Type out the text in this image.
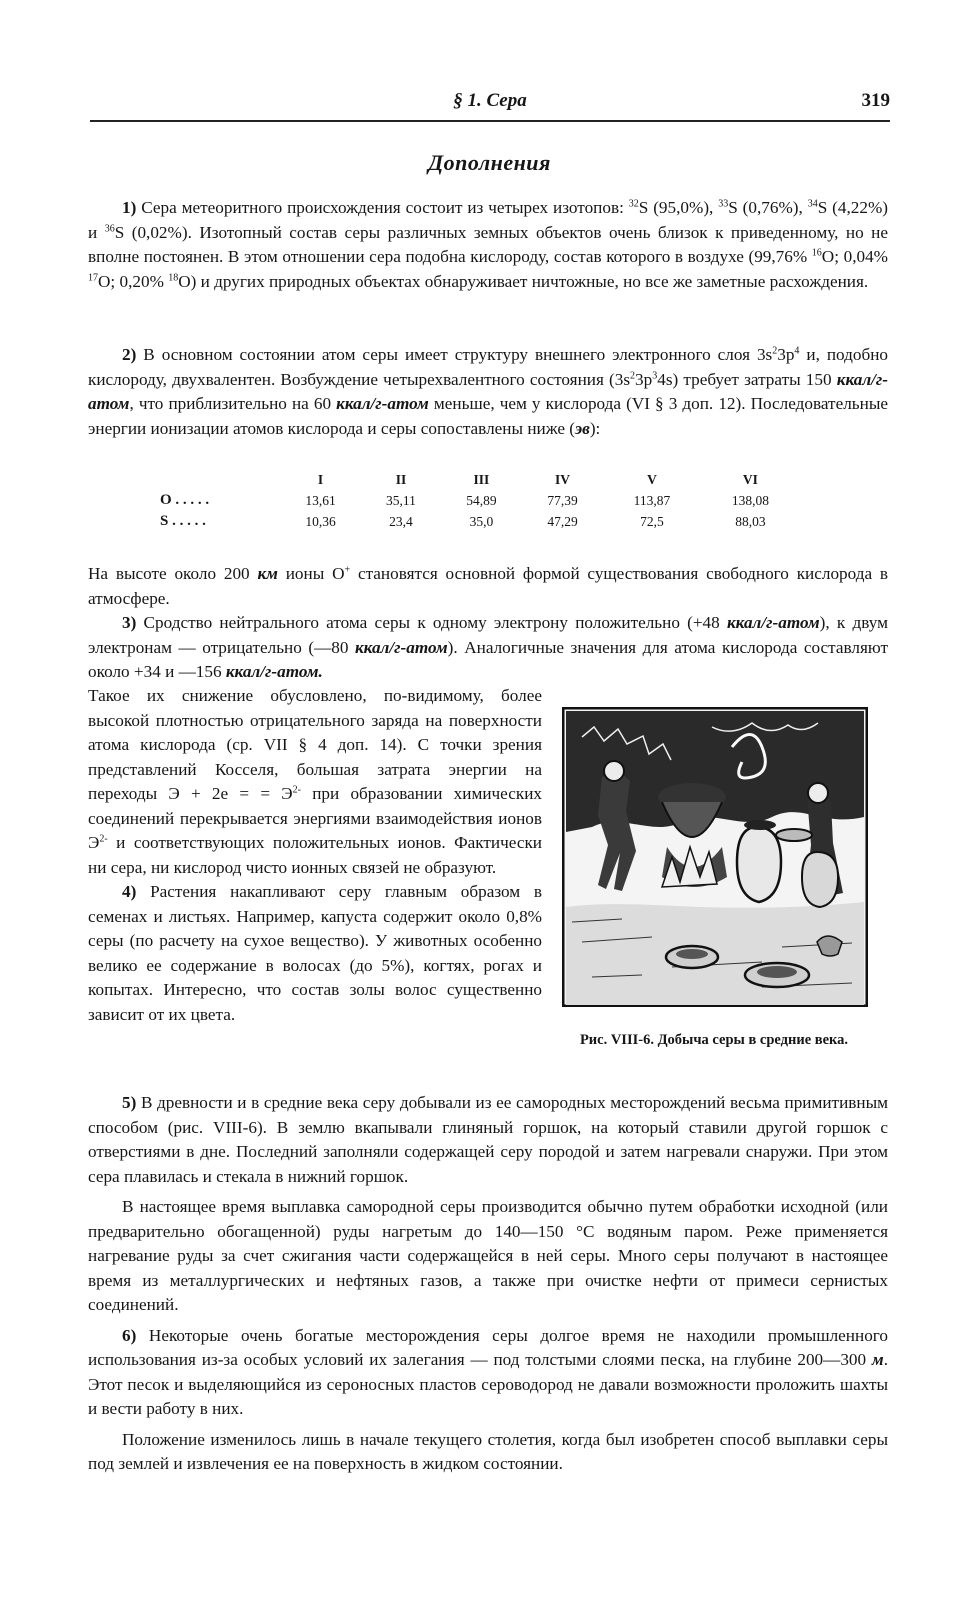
§ 1. Сера	319
Дополнения

1) Сера метеоритного происхождения состоит из четырех изотопов: $^{32}$S (95,0%), $^{33}$S (0,76%), $^{34}$S (4,22%) и $^{36}$S (0,02%). Изотопный состав серы различных земных объектов очень близок к приведенному, но не вполне постоянен. В этом отношении сера подобна кислороду, состав которого в воздухе (99,76% $^{16}$O; 0,04% $^{17}$O; 0,20% $^{18}$O) и других природных объектах обнаруживает ничтожные, но все же заметные расхождения.

2) В основном состоянии атом серы имеет структуру внешнего электронного слоя $3s^23p^4$ и, подобно кислороду, двухвалентен. Возбуждение четырехвалентного состояния $(3s^23p^34s)$ требует затраты 150 ккал/г-атом, что приблизительно на 60 ккал/г-атом меньше, чем у кислорода (VI § 3 доп. 12). Последовательные энергии ионизации атомов кислорода и серы сопоставлены ниже (эв):

	I	II	III	IV	V	VI
O . . . . .	13,61	35,11	54,89	77,39	113,87	138,08
S . . . . .	10,36	23,4	35,0	47,29	72,5	88,03

На высоте около 200 км ионы O+ становятся основной формой существования свободного кислорода в атмосфере.

3) Сродство нейтрального атома серы к одному электрону положительно (+48 ккал/г-атом), к двум электронам — отрицательно (—80 ккал/г-атом). Аналогичные значения для атома кислорода составляют около +34 и —156 ккал/г-атом.

Такое их снижение обусловлено, по-видимому, более высокой плотностью отрицательного заряда на поверхности атома кислорода (ср. VII § 4 доп. 14). С точки зрения представлений Косселя, большая затрата энергии на переходы Э + 2e = = $Э^{2-}$ при образовании химических соединений перекрывается энергиями взаимодействия ионов $Э^{2-}$ и соответствующих положительных ионов. Фактически ни сера, ни кислород чисто ионных связей не образуют.

4) Растения накапливают серу главным образом в семенах и листьях. Например, капуста содержит около 0,8% серы (по расчету на сухое вещество). У животных особенно велико ее содержание в волосах (до 5%), когтях, рогах и копытах. Интересно, что состав золы волос существенно зависит от их цвета.

Рис. VIII-6. Добыча серы в средние века.

5) В древности и в средние века серу добывали из ее самородных месторождений весьма примитивным способом (рис. VIII-6). В землю вкапывали глиняный горшок, на который ставили другой горшок с отверстиями в дне. Последний заполняли содержащей серу породой и затем нагревали снаружи. При этом сера плавилась и стекала в нижний горшок.

В настоящее время выплавка самородной серы производится обычно путем обработки исходной (или предварительно обогащенной) руды нагретым до 140—150 °С водяным паром. Реже применяется нагревание руды за счет сжигания части содержащейся в ней серы. Много серы получают в настоящее время из металлургических и нефтяных газов, а также при очистке нефти от примеси сернистых соединений.

6) Некоторые очень богатые месторождения серы долгое время не находили промышленного использования из-за особых условий их залегания — под толстыми слоями песка, на глубине 200—300 м. Этот песок и выделяющийся из сероносных пластов сероводород не давали возможности проложить шахты и вести работу в них.

Положение изменилось лишь в начале текущего столетия, когда был изобретен способ выплавки серы под землей и извлечения ее на поверхность в жидком состоянии.
